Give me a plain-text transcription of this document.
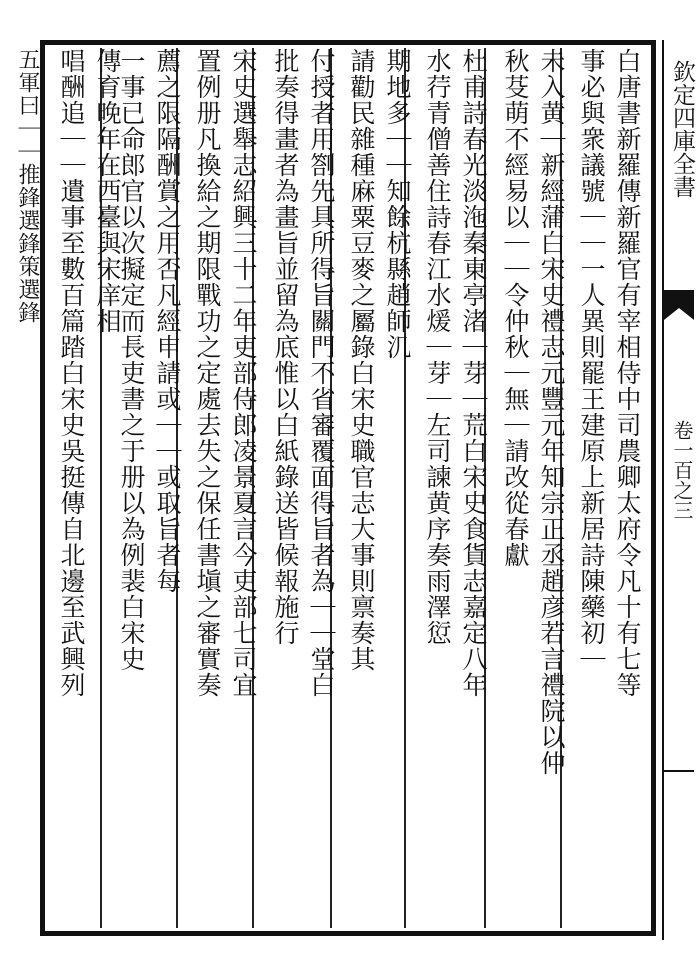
欽定四庫全書
卷一百之三
白唐書新羅傳新羅官有宰相侍中司農卿太府令凡十有七等
事必與衆議號｜｜一人異則罷王建原上新居詩陳藥初｜
未入黄｜新經蒲白宋史禮志元豐元年知宗正丞趙彦若言禮院以仲
秋芟萌不經易以｜｜令仲秋｜無｜請改從春獻
杜甫詩春光淡沲秦東亭渚｜芽｜荒白宋史食貨志嘉定八年
水荇青僧善住詩春江水煖｜芽｜左司諫黄序奏雨澤愆
期地多｜｜知餘杭縣趙師㲹
請勸民雜種麻粟豆麥之屬錄白宋史職官志大事則禀奏其
付授者用劄先具所得旨關門不省審覆面得旨者為｜｜堂白
批奏得畫者為畫旨並留為底惟以白紙錄送皆候報施行
宋史選舉志紹興三十二年吏部侍郎凌景夏言今吏部七司宜
置例册凡換給之期限戰功之定處去失之保任書塡之審實奏
薦之限隔酬賞之用否凡經申請或｜｜或取旨者每
一事已命郎官以次擬定而長吏書之于册以為例裴白宋史
傳育晚年在西臺與宋庠相
唱酬追｜｜遺事至數百篇踏白宋史吳挺傳自北邊至武興列
五軍曰｜｜推鋒選鋒策選鋒
